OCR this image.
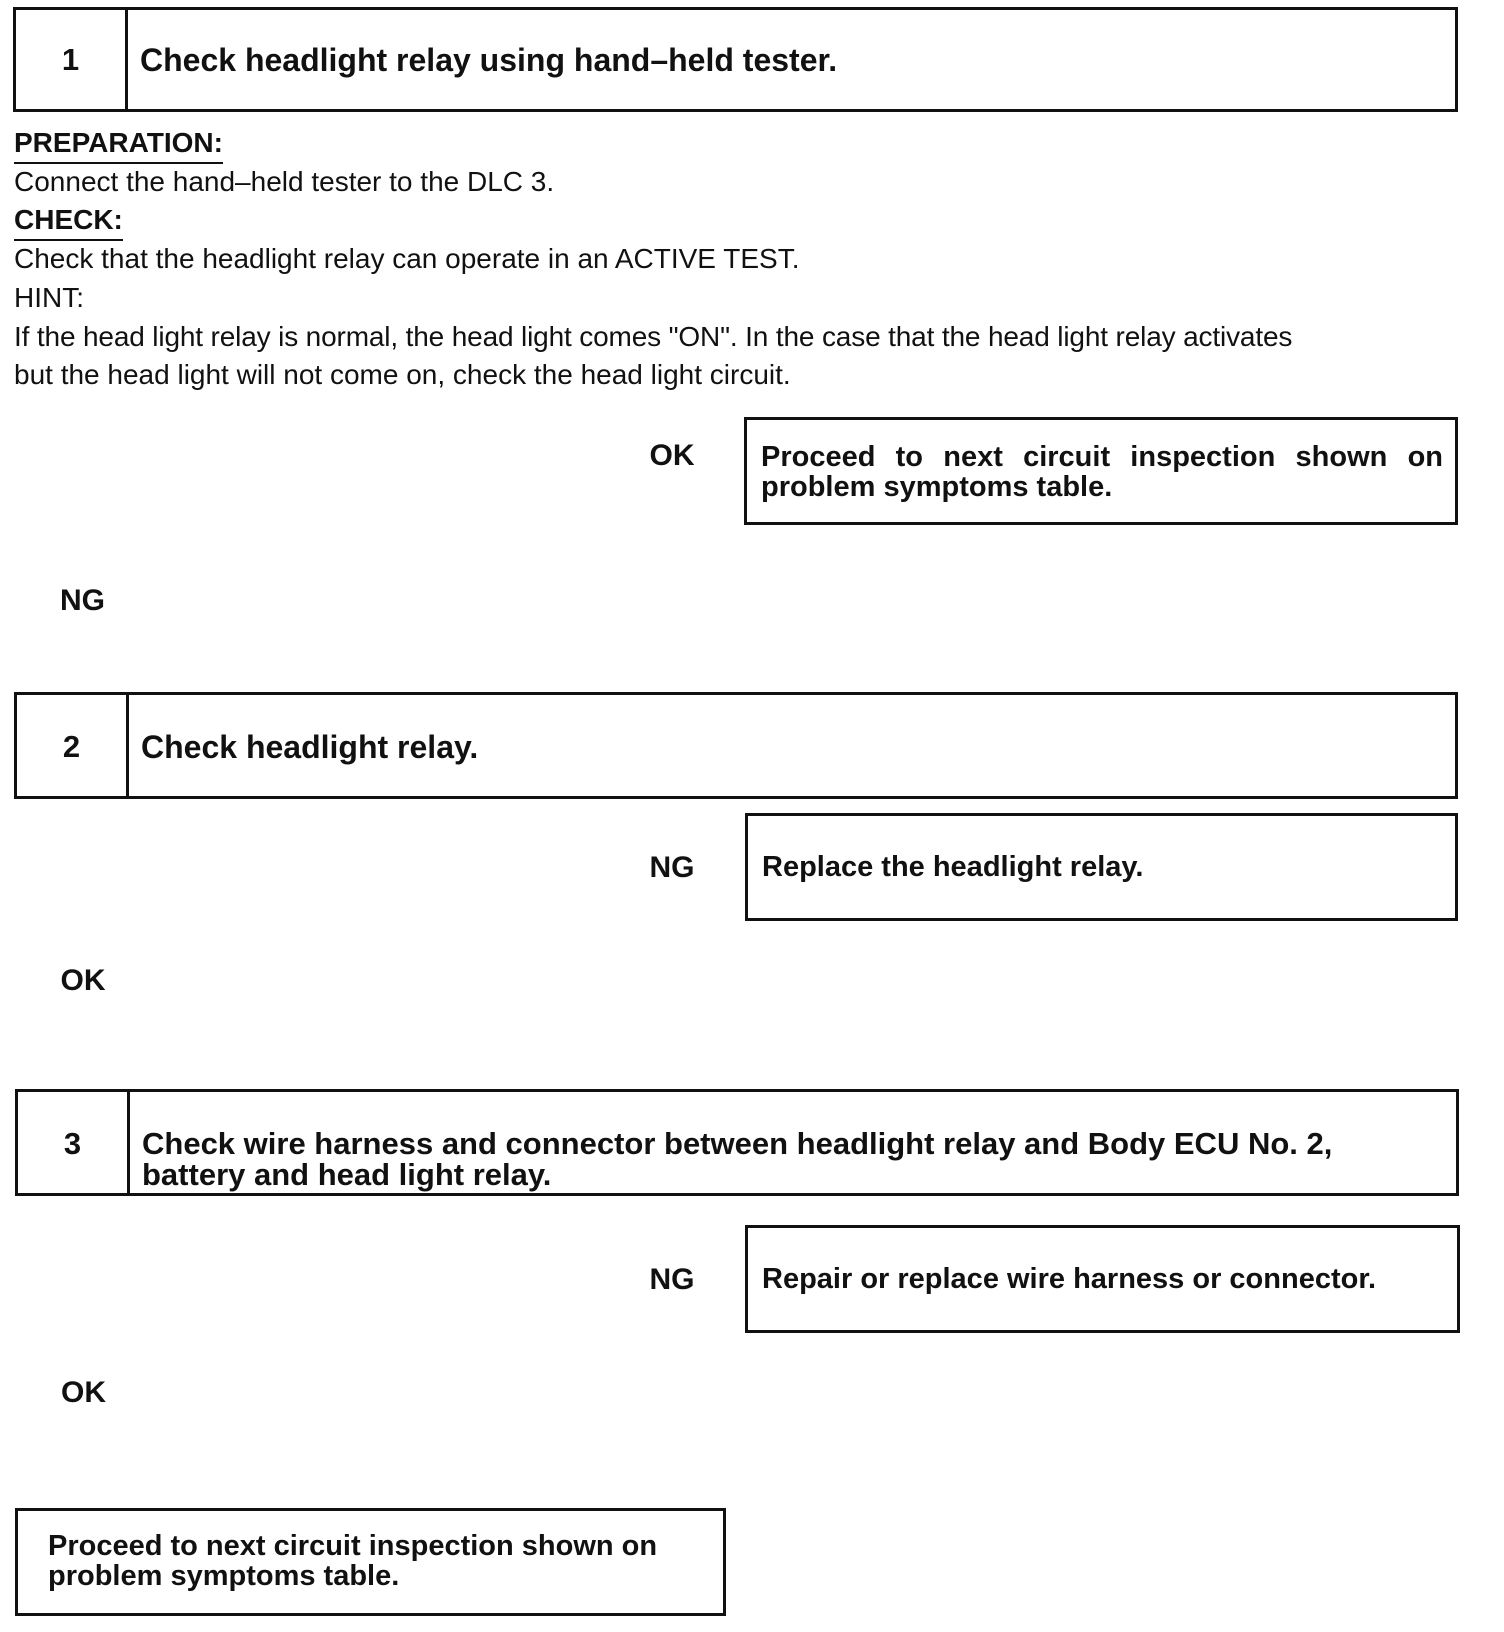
1	Check headlight relay using hand–held tester.
PREPARATION:
Connect the hand–held tester to the DLC 3.
CHECK:
Check that the headlight relay can operate in an ACTIVE TEST.
HINT:
If the head light relay is normal, the head light comes "ON". In the case that the head light relay activates
but the head light will not come on, check the head light circuit.
OK	Proceed to next circuit inspection shown on
problem symptoms table.
NG
2	Check headlight relay.
NG	Replace the headlight relay.
OK
3	Check wire harness and connector between headlight relay and Body ECU No. 2,
battery and head light relay.
NG	Repair or replace wire harness or connector.
OK
Proceed to next circuit inspection shown on
problem symptoms table.
